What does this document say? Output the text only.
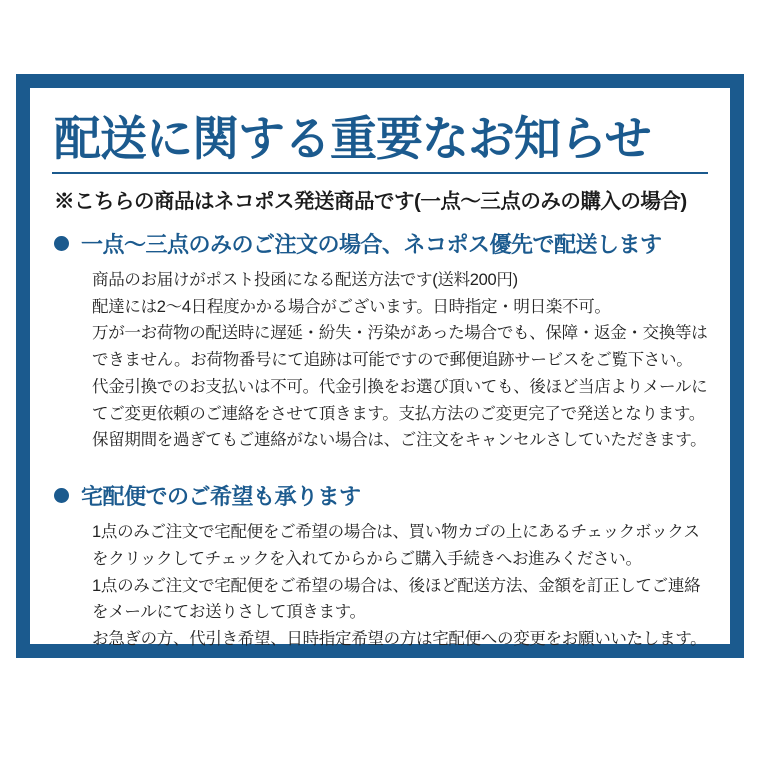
配送に関する重要なお知らせ
※こちらの商品はネコポス発送商品です(一点〜三点のみの購入の場合)
一点〜三点のみのご注文の場合、ネコポス優先で配送します

商品のお届けがポスト投函になる配送方法です(送料200円)

配達には2〜4日程度かかる場合がございます。日時指定・明日楽不可。

万が一お荷物の配送時に遅延・紛失・汚染があった場合でも、保障・返金・交換等はできません。お荷物番号にて追跡は可能ですので郵便追跡サービスをご覧下さい。

代金引換でのお支払いは不可。代金引換をお選び頂いても、後ほど当店よりメールにてご変更依頼のご連絡をさせて頂きます。支払方法のご変更完了で発送となります。

保留期間を過ぎてもご連絡がない場合は、ご注文をキャンセルさしていただきます。

宅配便でのご希望も承ります

1点のみご注文で宅配便をご希望の場合は、買い物カゴの上にあるチェックボックスをクリックしてチェックを入れてからからご購入手続きへお進みください。

1点のみご注文で宅配便をご希望の場合は、後ほど配送方法、金額を訂正してご連絡をメールにてお送りさして頂きます。

お急ぎの方、代引き希望、日時指定希望の方は宅配便への変更をお願いいたします。
